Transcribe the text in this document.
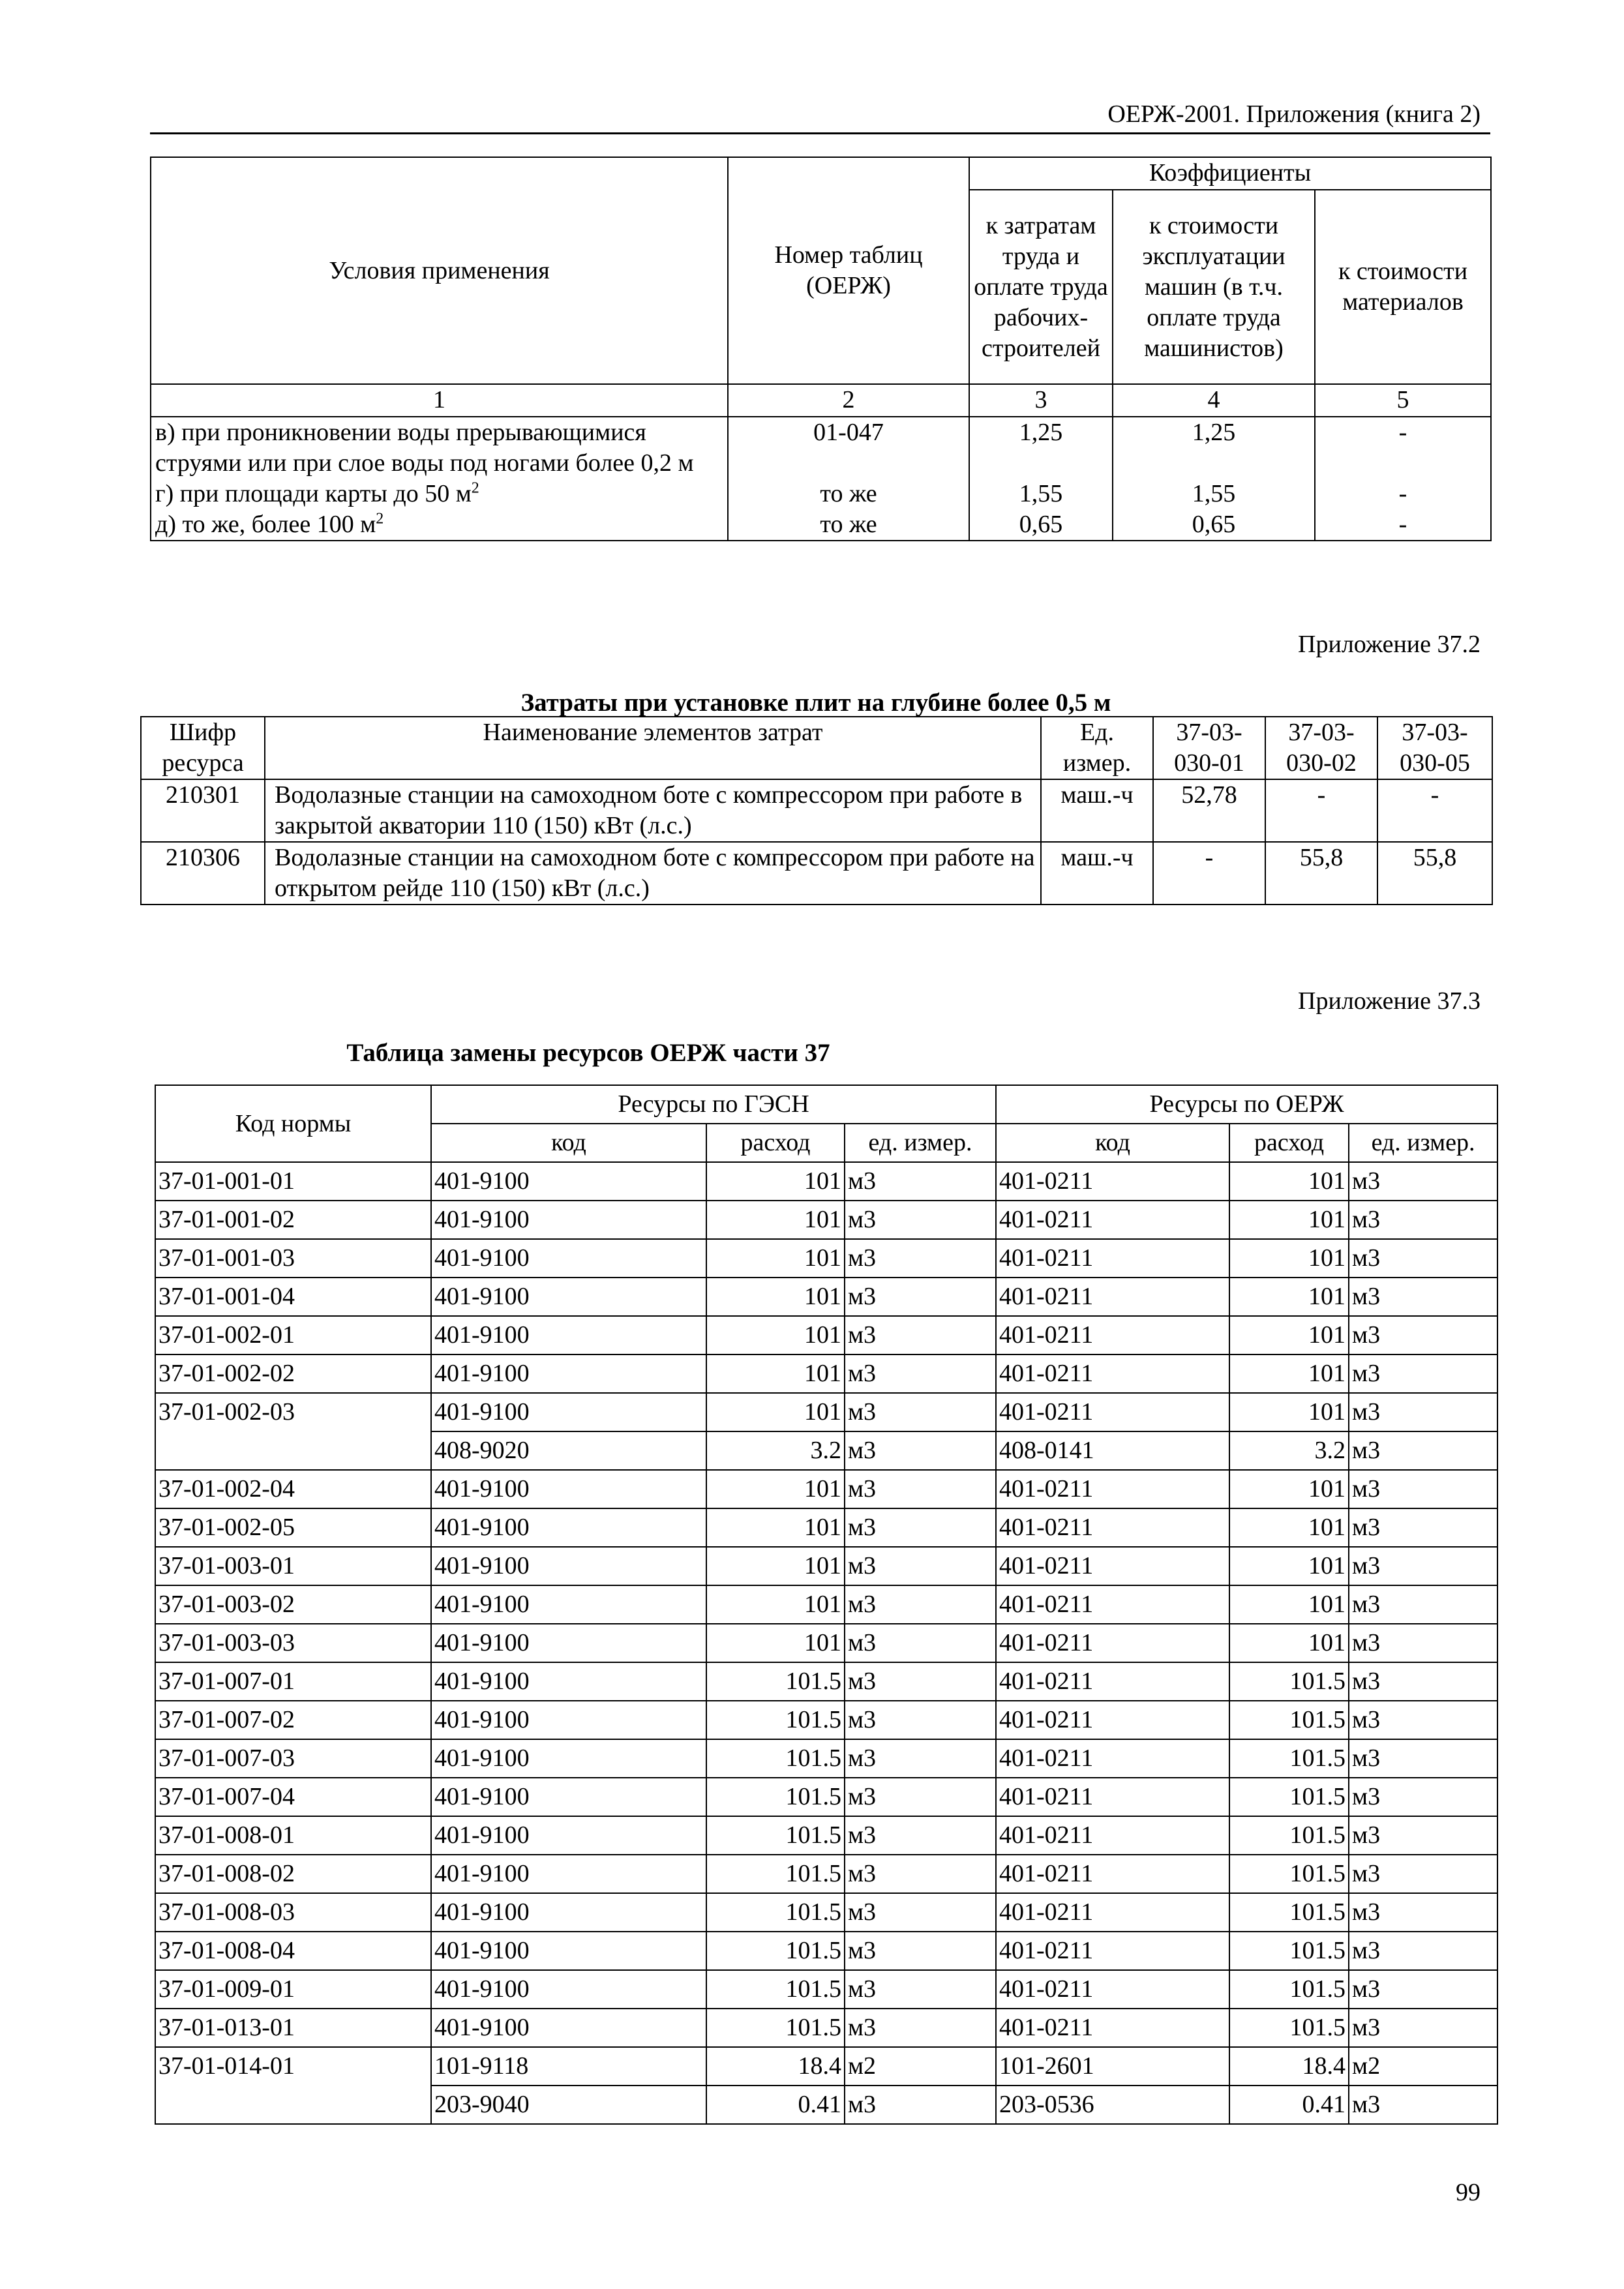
ОЕРЖ-2001. Приложения (книга 2)
Условия применения	Номер таблиц (ОЕРЖ)	Коэффициенты		
		к затратам труда и оплате труда рабочих-строителей	к стоимости эксплуатации машин (в т.ч. оплате труда машинистов)	к стоимости материалов
1	2	3	4	5
в) при проникновении воды прерывающимися струями или при слое воды под ногами более 0,2 м	01-047	1,25	1,25	-
г) при площади карты до 50 $м^2$	то же	1,55	1,55	-
д) то же, более 100 $м^2$	то же	0,65	0,65	-
Приложение 37.2
Затраты при установке плит на глубине более 0,5 м
Шифр ресурса	Наименование элементов затрат	Ед. измер.	37-03-030-01	37-03-030-02	37-03-030-05
210301	Водолазные станции на самоходном боте с компрессором при работе в закрытой акватории 110 (150) кВт (л.с.)	маш.-ч	52,78	-	-
210306	Водолазные станции на самоходном боте с компрессором при работе на открытом рейде 110 (150) кВт (л.с.)	маш.-ч	-	55,8	55,8
Приложение 37.3
Таблица замены ресурсов ОЕРЖ части 37
Код нормы	Ресурсы по ГЭСН			Ресурсы по ОЕРЖ		
	код	расход	ед. измер.	код	расход	ед. измер.
37-01-001-01	401-9100	101	м3	401-0211	101	м3
37-01-001-02	401-9100	101	м3	401-0211	101	м3
37-01-001-03	401-9100	101	м3	401-0211	101	м3
37-01-001-04	401-9100	101	м3	401-0211	101	м3
37-01-002-01	401-9100	101	м3	401-0211	101	м3
37-01-002-02	401-9100	101	м3	401-0211	101	м3
37-01-002-03	401-9100	101	м3	401-0211	101	м3
	408-9020	3.2	м3	408-0141	3.2	м3
37-01-002-04	401-9100	101	м3	401-0211	101	м3
37-01-002-05	401-9100	101	м3	401-0211	101	м3
37-01-003-01	401-9100	101	м3	401-0211	101	м3
37-01-003-02	401-9100	101	м3	401-0211	101	м3
37-01-003-03	401-9100	101	м3	401-0211	101	м3
37-01-007-01	401-9100	101.5	м3	401-0211	101.5	м3
37-01-007-02	401-9100	101.5	м3	401-0211	101.5	м3
37-01-007-03	401-9100	101.5	м3	401-0211	101.5	м3
37-01-007-04	401-9100	101.5	м3	401-0211	101.5	м3
37-01-008-01	401-9100	101.5	м3	401-0211	101.5	м3
37-01-008-02	401-9100	101.5	м3	401-0211	101.5	м3
37-01-008-03	401-9100	101.5	м3	401-0211	101.5	м3
37-01-008-04	401-9100	101.5	м3	401-0211	101.5	м3
37-01-009-01	401-9100	101.5	м3	401-0211	101.5	м3
37-01-013-01	401-9100	101.5	м3	401-0211	101.5	м3
37-01-014-01	101-9118	18.4	м2	101-2601	18.4	м2
	203-9040	0.41	м3	203-0536	0.41	м3
99
